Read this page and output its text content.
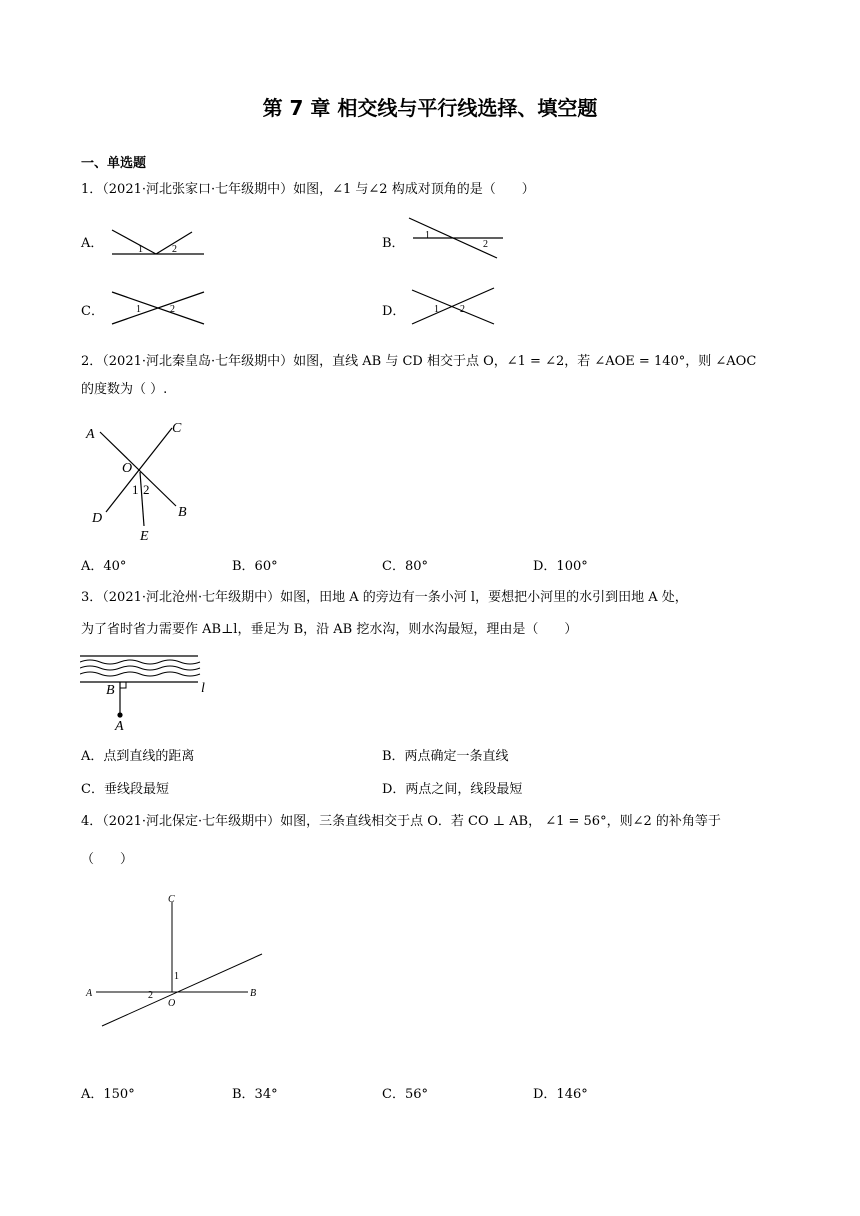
第 7 章 相交线与平行线选择、填空题
一、单选题
1．（2021·河北张家口·七年级期中）如图，∠1 与∠2 构成对顶角的是（　　）
A．	1	2	B．
1
2
C．	1	2	D．	1 2
2．（2021·河北秦皇岛·七年级期中）如图，直线 AB 与 CD 相交于点 O，∠1 = ∠2，若 ∠AOE = 140°，则 ∠AOC
的度数为（ ）.
A	C
O
1 2
B
D
E
A．40°	B．60°	C．80°	D．100°
3．（2021·河北沧州·七年级期中）如图，田地 A 的旁边有一条小河 l，要想把小河里的水引到田地 A 处，
为了省时省力需要作 AB⊥l，垂足为 B，沿 AB 挖水沟，则水沟最短，理由是（　　）
B	l
A
A．点到直线的距离	B．两点确定一条直线
C．垂线段最短	D．两点之间，线段最短
4．（2021·河北保定·七年级期中）如图，三条直线相交于点 O．若 CO ⊥ AB， ∠1 = 56°，则∠2 的补角等于
（　　）
C
A	B
O
1
2
A．150°	B．34°	C．56°	D．146°
